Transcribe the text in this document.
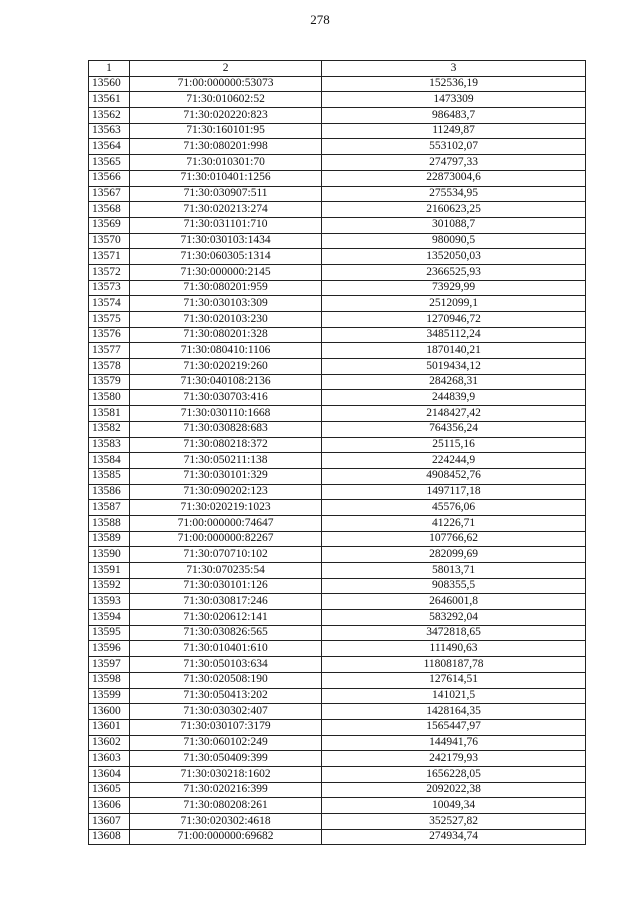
278
1	2	3
13560	71:00:000000:53073	152536,19
13561	71:30:010602:52	1473309
13562	71:30:020220:823	986483,7
13563	71:30:160101:95	11249,87
13564	71:30:080201:998	553102,07
13565	71:30:010301:70	274797,33
13566	71:30:010401:1256	22873004,6
13567	71:30:030907:511	275534,95
13568	71:30:020213:274	2160623,25
13569	71:30:031101:710	301088,7
13570	71:30:030103:1434	980090,5
13571	71:30:060305:1314	1352050,03
13572	71:30:000000:2145	2366525,93
13573	71:30:080201:959	73929,99
13574	71:30:030103:309	2512099,1
13575	71:30:020103:230	1270946,72
13576	71:30:080201:328	3485112,24
13577	71:30:080410:1106	1870140,21
13578	71:30:020219:260	5019434,12
13579	71:30:040108:2136	284268,31
13580	71:30:030703:416	244839,9
13581	71:30:030110:1668	2148427,42
13582	71:30:030828:683	764356,24
13583	71:30:080218:372	25115,16
13584	71:30:050211:138	224244,9
13585	71:30:030101:329	4908452,76
13586	71:30:090202:123	1497117,18
13587	71:30:020219:1023	45576,06
13588	71:00:000000:74647	41226,71
13589	71:00:000000:82267	107766,62
13590	71:30:070710:102	282099,69
13591	71:30:070235:54	58013,71
13592	71:30:030101:126	908355,5
13593	71:30:030817:246	2646001,8
13594	71:30:020612:141	583292,04
13595	71:30:030826:565	3472818,65
13596	71:30:010401:610	111490,63
13597	71:30:050103:634	11808187,78
13598	71:30:020508:190	127614,51
13599	71:30:050413:202	141021,5
13600	71:30:030302:407	1428164,35
13601	71:30:030107:3179	1565447,97
13602	71:30:060102:249	144941,76
13603	71:30:050409:399	242179,93
13604	71:30:030218:1602	1656228,05
13605	71:30:020216:399	2092022,38
13606	71:30:080208:261	10049,34
13607	71:30:020302:4618	352527,82
13608	71:00:000000:69682	274934,74
